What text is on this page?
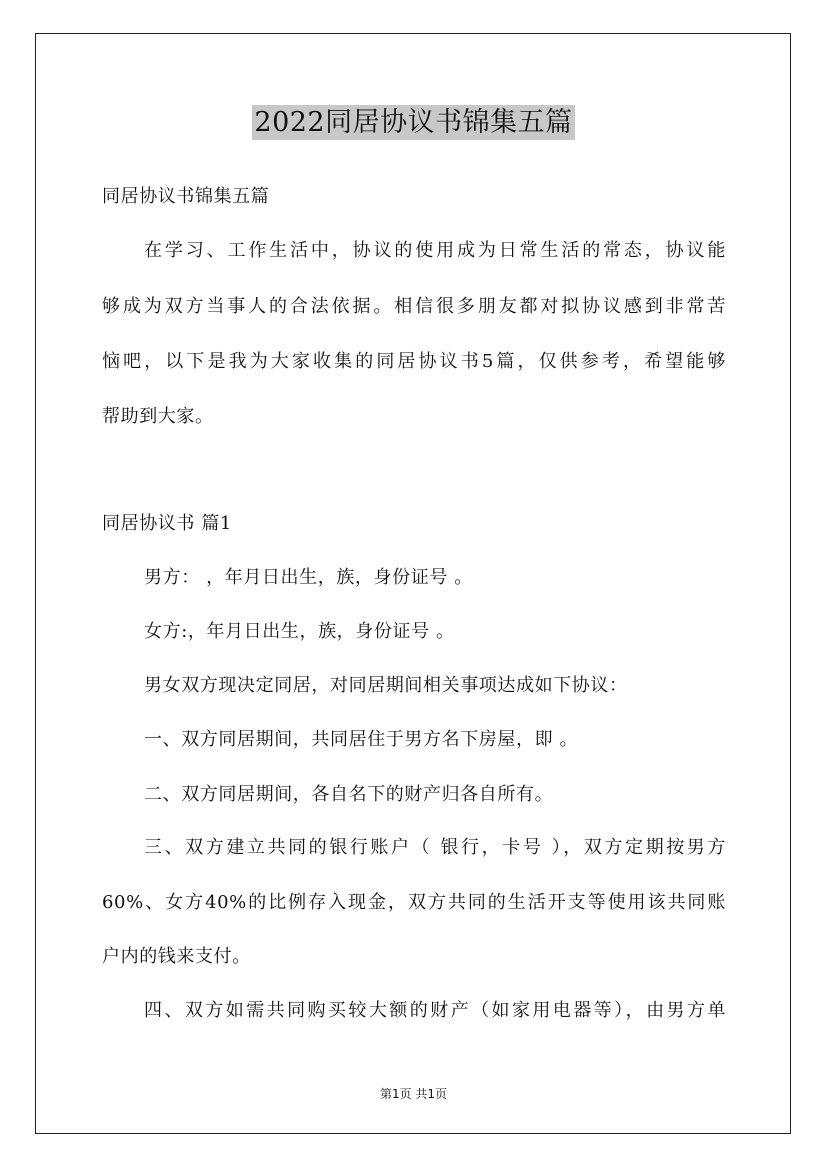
2022同居协议书锦集五篇
同居协议书锦集五篇
在学习、工作生活中，协议的使用成为日常生活的常态，协议能
够成为双方当事人的合法依据。相信很多朋友都对拟协议感到非常苦
恼吧，以下是我为大家收集的同居协议书5篇，仅供参考，希望能够
帮助到大家。
同居协议书 篇1
男方： ，年月日出生，族，身份证号 。
女方:，年月日出生，族，身份证号 。
男女双方现决定同居，对同居期间相关事项达成如下协议：
一、双方同居期间，共同居住于男方名下房屋，即 。
二、双方同居期间，各自名下的财产归各自所有。
三、双方建立共同的银行账户（ 银行，卡号 ），双方定期按男方
60%、女方40%的比例存入现金，双方共同的生活开支等使用该共同账
户内的钱来支付。
四、双方如需共同购买较大额的财产（如家用电器等），由男方单
第1页 共1页
